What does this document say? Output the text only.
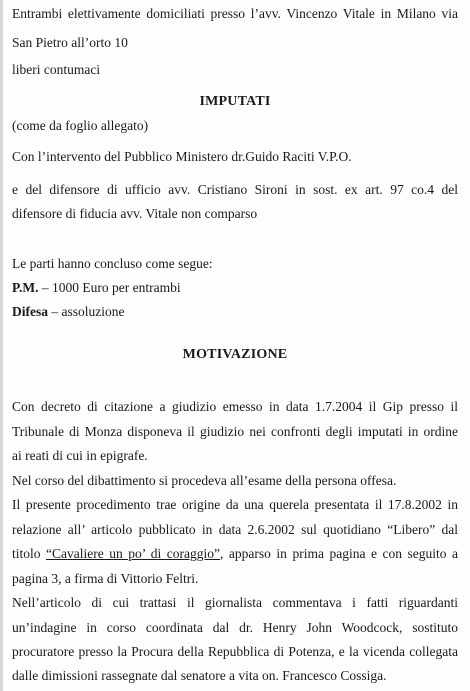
Entrambi elettivamente domiciliati presso l’avv. Vincenzo Vitale in Milano via
San Pietro all’orto 10
liberi contumaci
IMPUTATI
(come da foglio allegato)
Con l’intervento del Pubblico Ministero dr.Guido Raciti V.P.O.
e del difensore di ufficio avv. Cristiano Sironi in sost. ex art. 97 co.4 del
difensore di fiducia avv. Vitale non comparso
Le parti hanno concluso come segue:
P.M. – 1000 Euro per entrambi
Difesa – assoluzione
MOTIVAZIONE
Con decreto di citazione a giudizio emesso in data 1.7.2004 il Gip presso il
Tribunale di Monza disponeva il giudizio nei confronti degli imputati in ordine
ai reati di cui in epigrafe.
Nel corso del dibattimento si procedeva all’esame della persona offesa.
Il presente procedimento trae origine da una querela presentata il 17.8.2002 in
relazione all’ articolo pubblicato in data 2.6.2002 sul quotidiano “Libero” dal
titolo “Cavaliere un po’ di coraggio”, apparso in prima pagina e con seguito a
pagina 3, a firma di Vittorio Feltri.
Nell’articolo di cui trattasi il giornalista commentava i fatti riguardanti
un’indagine in corso coordinata dal dr. Henry John Woodcock, sostituto
procuratore presso la Procura della Repubblica di Potenza, e la vicenda collegata
dalle dimissioni rassegnate dal senatore a vita on. Francesco Cossiga.
